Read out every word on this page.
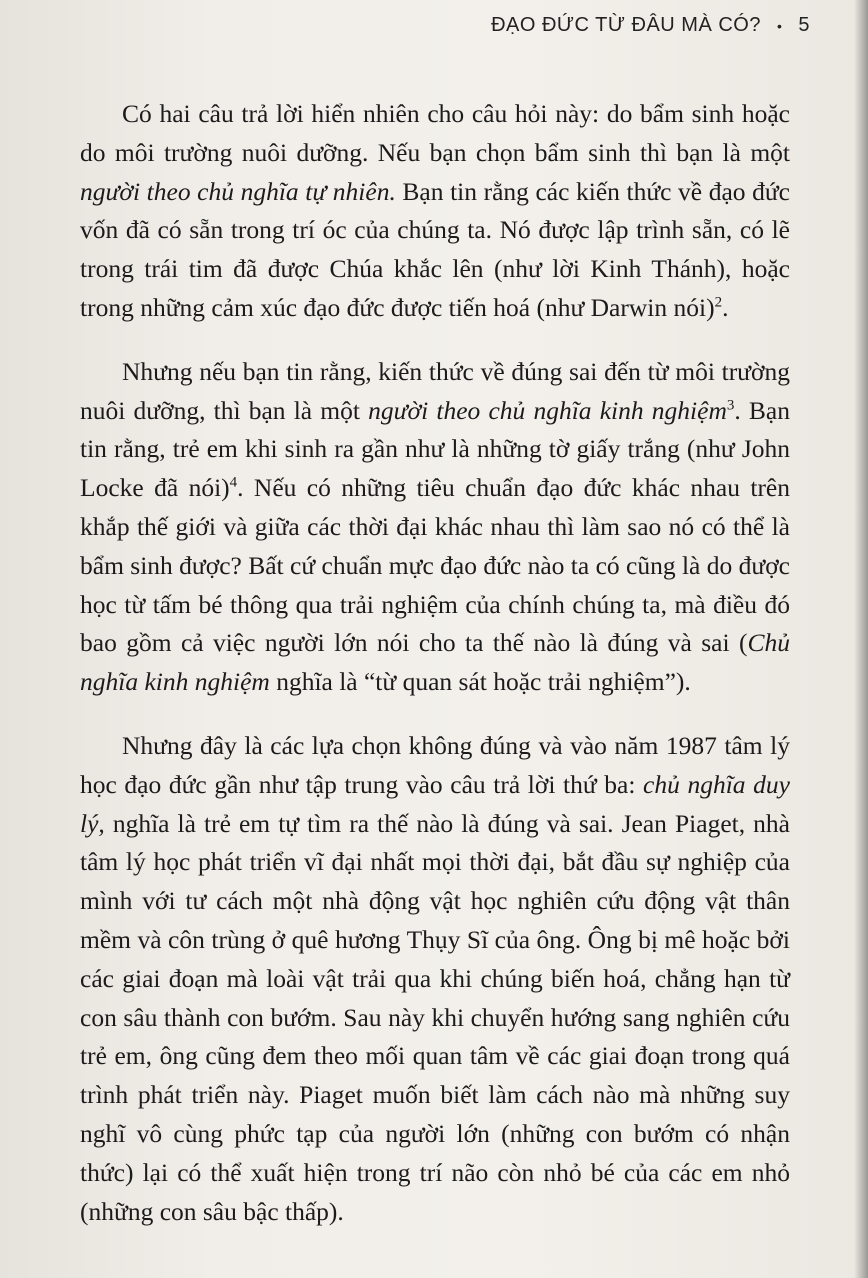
ĐẠO ĐỨC TỪ ĐÂU MÀ CÓ? • 5

Có hai câu trả lời hiển nhiên cho câu hỏi này: do bẩm sinh hoặc do môi trường nuôi dưỡng. Nếu bạn chọn bẩm sinh thì bạn là một người theo chủ nghĩa tự nhiên. Bạn tin rằng các kiến thức về đạo đức vốn đã có sẵn trong trí óc của chúng ta. Nó được lập trình sẵn, có lẽ trong trái tim đã được Chúa khắc lên (như lời Kinh Thánh), hoặc trong những cảm xúc đạo đức được tiến hoá (như Darwin nói)$^2$.

Nhưng nếu bạn tin rằng, kiến thức về đúng sai đến từ môi trường nuôi dưỡng, thì bạn là một người theo chủ nghĩa kinh nghiệm$^3$. Bạn tin rằng, trẻ em khi sinh ra gần như là những tờ giấy trắng (như John Locke đã nói)$^4$. Nếu có những tiêu chuẩn đạo đức khác nhau trên khắp thế giới và giữa các thời đại khác nhau thì làm sao nó có thể là bẩm sinh được? Bất cứ chuẩn mực đạo đức nào ta có cũng là do được học từ tấm bé thông qua trải nghiệm của chính chúng ta, mà điều đó bao gồm cả việc người lớn nói cho ta thế nào là đúng và sai (Chủ nghĩa kinh nghiệm nghĩa là “từ quan sát hoặc trải nghiệm”).

Nhưng đây là các lựa chọn không đúng và vào năm 1987 tâm lý học đạo đức gần như tập trung vào câu trả lời thứ ba: chủ nghĩa duy lý, nghĩa là trẻ em tự tìm ra thế nào là đúng và sai. Jean Piaget, nhà tâm lý học phát triển vĩ đại nhất mọi thời đại, bắt đầu sự nghiệp của mình với tư cách một nhà động vật học nghiên cứu động vật thân mềm và côn trùng ở quê hương Thụy Sĩ của ông. Ông bị mê hoặc bởi các giai đoạn mà loài vật trải qua khi chúng biến hoá, chẳng hạn từ con sâu thành con bướm. Sau này khi chuyển hướng sang nghiên cứu trẻ em, ông cũng đem theo mối quan tâm về các giai đoạn trong quá trình phát triển này. Piaget muốn biết làm cách nào mà những suy nghĩ vô cùng phức tạp của người lớn (những con bướm có nhận thức) lại có thể xuất hiện trong trí não còn nhỏ bé của các em nhỏ (những con sâu bậc thấp).
